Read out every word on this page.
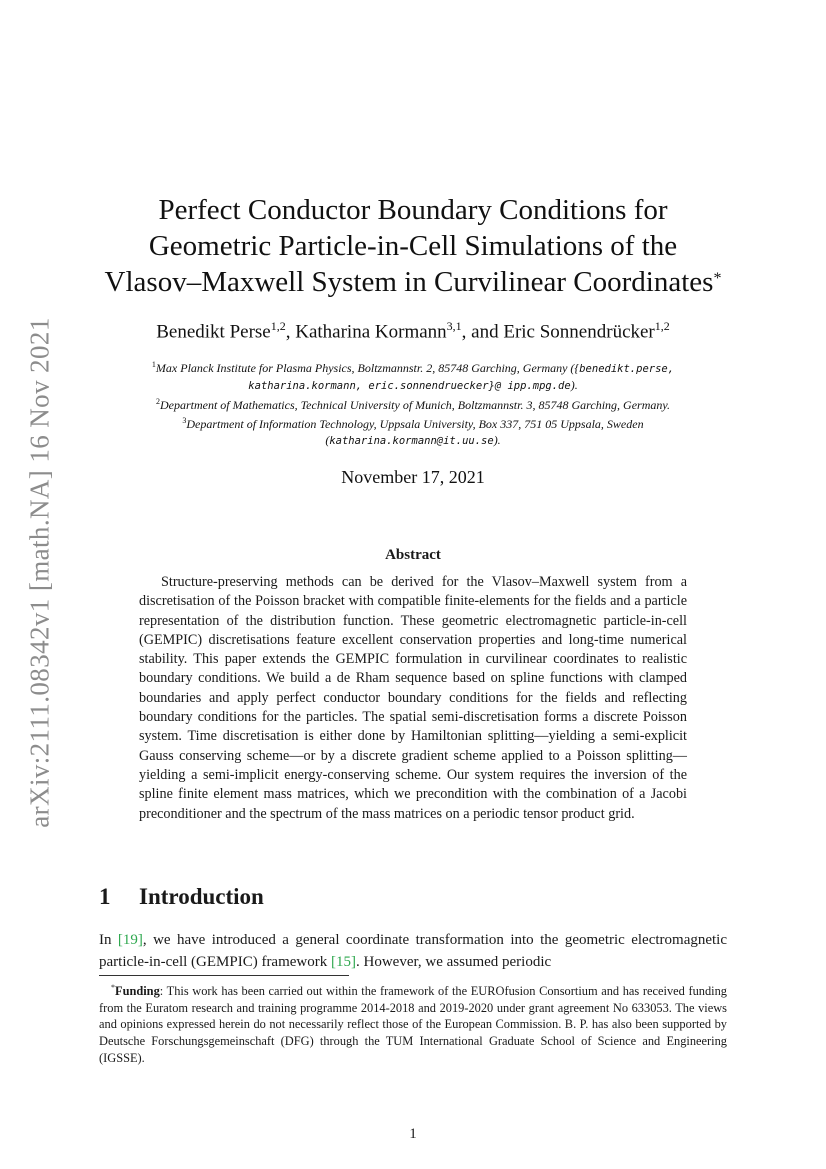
arXiv:2111.08342v1 [math.NA] 16 Nov 2021
Perfect Conductor Boundary Conditions for
Geometric Particle-in-Cell Simulations of the
Vlasov–Maxwell System in Curvilinear Coordinates*
Benedikt Perse$^{1,2}$, Katharina Kormann$^{3,1}$, and Eric Sonnendrücker$^{1,2}$
$^1$Max Planck Institute for Plasma Physics, Boltzmannstr. 2, 85748 Garching, Germany ({benedikt.perse,
katharina.kormann, eric.sonnendruecker}@ ipp.mpg.de).
$^2$Department of Mathematics, Technical University of Munich, Boltzmannstr. 3, 85748 Garching, Germany.
$^3$Department of Information Technology, Uppsala University, Box 337, 751 05 Uppsala, Sweden
(katharina.kormann@it.uu.se).
November 17, 2021
Abstract
Structure-preserving methods can be derived for the Vlasov–Maxwell system from a discretisation of the Poisson bracket with compatible finite-elements for the fields and a particle representation of the distribution function. These geometric electromagnetic particle-in-cell (GEMPIC) discretisations feature excellent conservation properties and long-time numerical stability. This paper extends the GEMPIC formulation in curvilinear coordinates to realistic boundary conditions. We build a de Rham sequence based on spline functions with clamped boundaries and apply perfect conductor boundary conditions for the fields and reflecting boundary conditions for the particles. The spatial semi-discretisation forms a discrete Poisson system. Time discretisation is either done by Hamiltonian splitting—yielding a semi-explicit Gauss conserving scheme—or by a discrete gradient scheme applied to a Poisson splitting—yielding a semi-implicit energy-conserving scheme. Our system requires the inversion of the spline finite element mass matrices, which we precondition with the combination of a Jacobi preconditioner and the spectrum of the mass matrices on a periodic tensor product grid.
1 Introduction
In [19], we have introduced a general coordinate transformation into the geometric electromagnetic particle-in-cell (GEMPIC) framework [15]. However, we assumed periodic
*Funding: This work has been carried out within the framework of the EUROfusion Consortium and has received funding from the Euratom research and training programme 2014-2018 and 2019-2020 under grant agreement No 633053. The views and opinions expressed herein do not necessarily reflect those of the European Commission. B. P. has also been supported by Deutsche Forschungsgemeinschaft (DFG) through the TUM International Graduate School of Science and Engineering (IGSSE).
1
